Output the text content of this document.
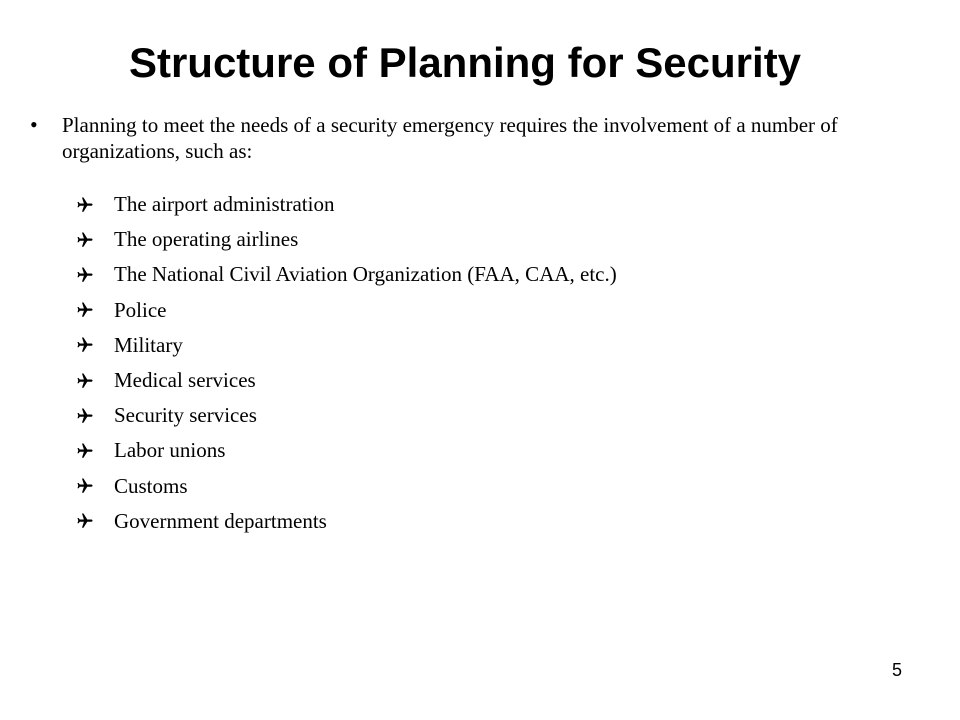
Structure of Planning for Security
•	Planning to meet the needs of a security emergency requires the involvement of a number of organizations, such as:
The airport administration
The operating airlines
The National Civil Aviation Organization (FAA, CAA, etc.)
Police
Military
Medical services
Security services
Labor unions
Customs
Government departments
5
